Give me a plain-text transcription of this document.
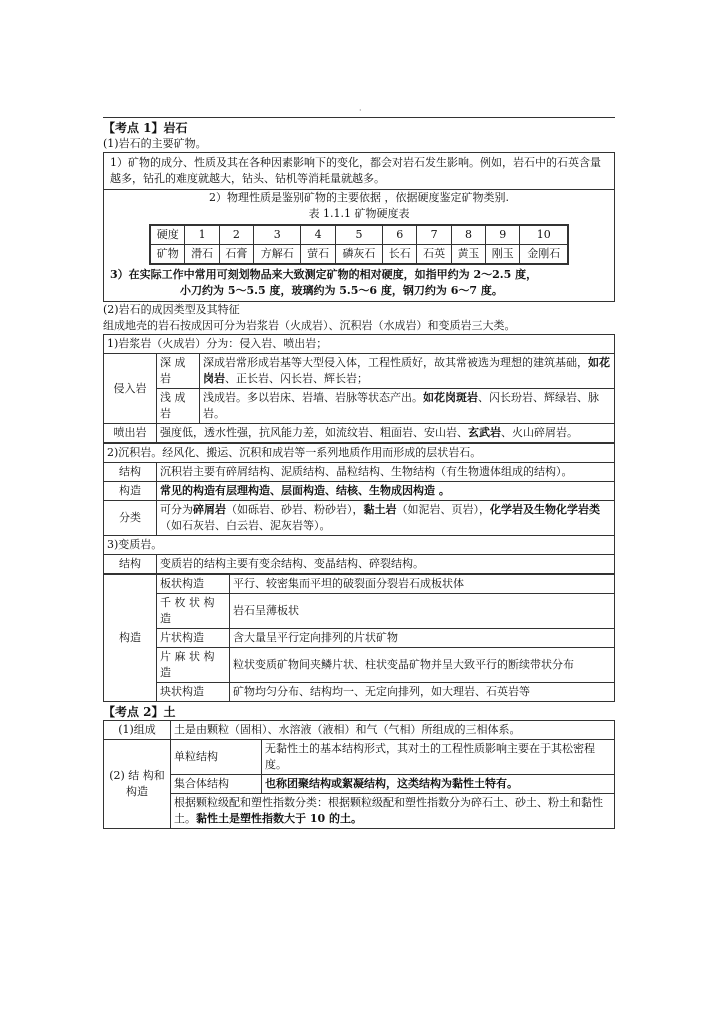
·
【考点 1】岩石
(1)岩石的主要矿物。
1）矿物的成分、性质及其在各种因素影响下的变化，都会对岩石发生影响。例如，岩石中的石英含量越多，钻孔的难度就越大，钻头、钻机等消耗量就越多。
2）物理性质是鉴别矿物的主要依据 ，依据硬度鉴定矿物类别.
表 1.1.1 矿物硬度表
硬度	1	2	3	4	5	6	7	8	9	10
矿物	滑石	石膏	方解石	萤石	磷灰石	长石	石英	黄玉	刚玉	金刚石
3）在实际工作中常用可刻划物品来大致测定矿物的相对硬度，如指甲约为 2～2.5 度，
小刀约为 5～5.5 度，玻璃约为 5.5～6 度，钢刀约为 6～7 度。
(2)岩石的成因类型及其特征
组成地壳的岩石按成因可分为岩浆岩（火成岩）、沉积岩（水成岩）和变质岩三大类。
1)岩浆岩（火成岩）分为：侵入岩、喷出岩；		
侵入岩	深 成 岩	深成岩常形成岩基等大型侵入体，工程性质好，故其常被选为理想的建筑基础，如花岗岩、正长岩、闪长岩、辉长岩；
	浅 成 岩	浅成岩。多以岩床、岩墙、岩脉等状态产出。如花岗斑岩、闪长玢岩、辉绿岩、脉岩。
喷出岩	强度低，透水性强，抗风能力差，如流纹岩、粗面岩、安山岩、玄武岩、火山碎屑岩。	
2)沉积岩。经风化、搬运、沉积和成岩等一系列地质作用而形成的层状岩石。	
结构	沉积岩主要有碎屑结构、泥质结构、晶粒结构、生物结构（有生物遗体组成的结构）。
构造	常见的构造有层理构造、层面构造、结核、生物成因构造 。
分类	可分为碎屑岩（如砾岩、砂岩、粉砂岩），黏土岩（如泥岩、页岩），化学岩及生物化学岩类（如石灰岩、白云岩、泥灰岩等）。
3)变质岩。	
结构	变质岩的结构主要有变余结构、变晶结构、碎裂结构。
构造	板状构造	平行、较密集而平坦的破裂面分裂岩石成板状体
	千 枚 状 构 造	岩石呈薄板状
	片状构造	含大量呈平行定向排列的片状矿物
	片 麻 状 构 造	粒状变质矿物间夹鳞片状、柱状变晶矿物并呈大致平行的断续带状分布
	块状构造	矿物均匀分布、结构均一、无定向排列，如大理岩、石英岩等
【考点 2】土
(1)组成	土是由颗粒（固相）、水溶液（液相）和气（气相）所组成的三相体系。	
(2) 结 构和构造	单粒结构	无黏性土的基本结构形式，其对土的工程性质影响主要在于其松密程度。
	集合体结构	也称团聚结构或絮凝结构，这类结构为黏性土特有。
	根据颗粒级配和塑性指数分类：根据颗粒级配和塑性指数分为碎石土、砂土、粉土和黏性土。黏性土是塑性指数大于 10 的土。	
